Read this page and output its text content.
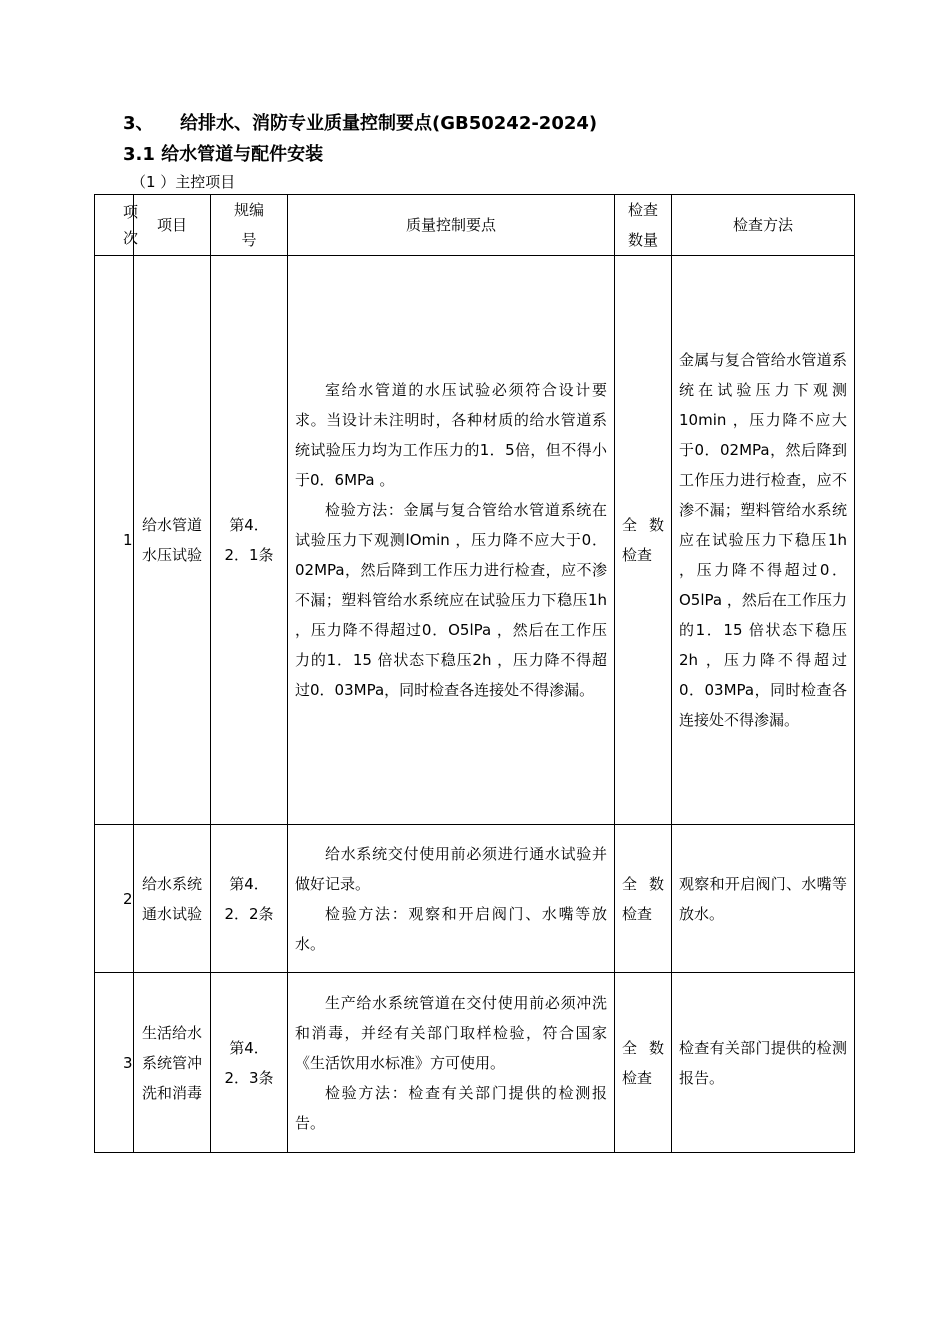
3、 给排水、消防专业质量控制要点(GB50242-2024)
3.1 给水管道与配件安装
（1 ）主控项目
项次	项目	规编号	质量控制要点	检查数量	检查方法
1	给水管道水压试验	第4．2．1条	室给水管道的水压试验必须符合设计要求。当设计未注明时，各种材质的给水管道系统试验压力均为工作压力的1．5倍，但不得小于0．6MPa 。

检验方法：金属与复合管给水管道系统在试验压力下观测lOmin ，压力降不应大于0．02MPa，然后降到工作压力进行检查，应不渗不漏；塑料管给水系统应在试验压力下稳压1h ，压力降不得超过0．O5lPa ，然后在工作压力的1．15 倍状态下稳压2h ，压力降不得超过0．03MPa，同时检查各连接处不得渗漏。	全数检查	金属与复合管给水管道系统在试验压力下观测10min ，压力降不应大于0．02MPa，然后降到工作压力进行检查，应不渗不漏；塑料管给水系统应在试验压力下稳压1h ，压力降不得超过0．O5lPa ，然后在工作压力的1．15 倍状态下稳压2h ，压力降不得超过0．03MPa，同时检查各连接处不得渗漏。
2	给水系统通水试验	第4．2．2条	给水系统交付使用前必须进行通水试验并做好记录。

检验方法：观察和开启阀门、水嘴等放水。	全数检查	观察和开启阀门、水嘴等放水。
3	生活给水系统管冲洗和消毒	第4．2．3条	生产给水系统管道在交付使用前必须冲洗和消毒，并经有关部门取样检验，符合国家《生活饮用水标准》方可使用。

检验方法：检查有关部门提供的检测报告。	全数检查	检查有关部门提供的检测报告。
